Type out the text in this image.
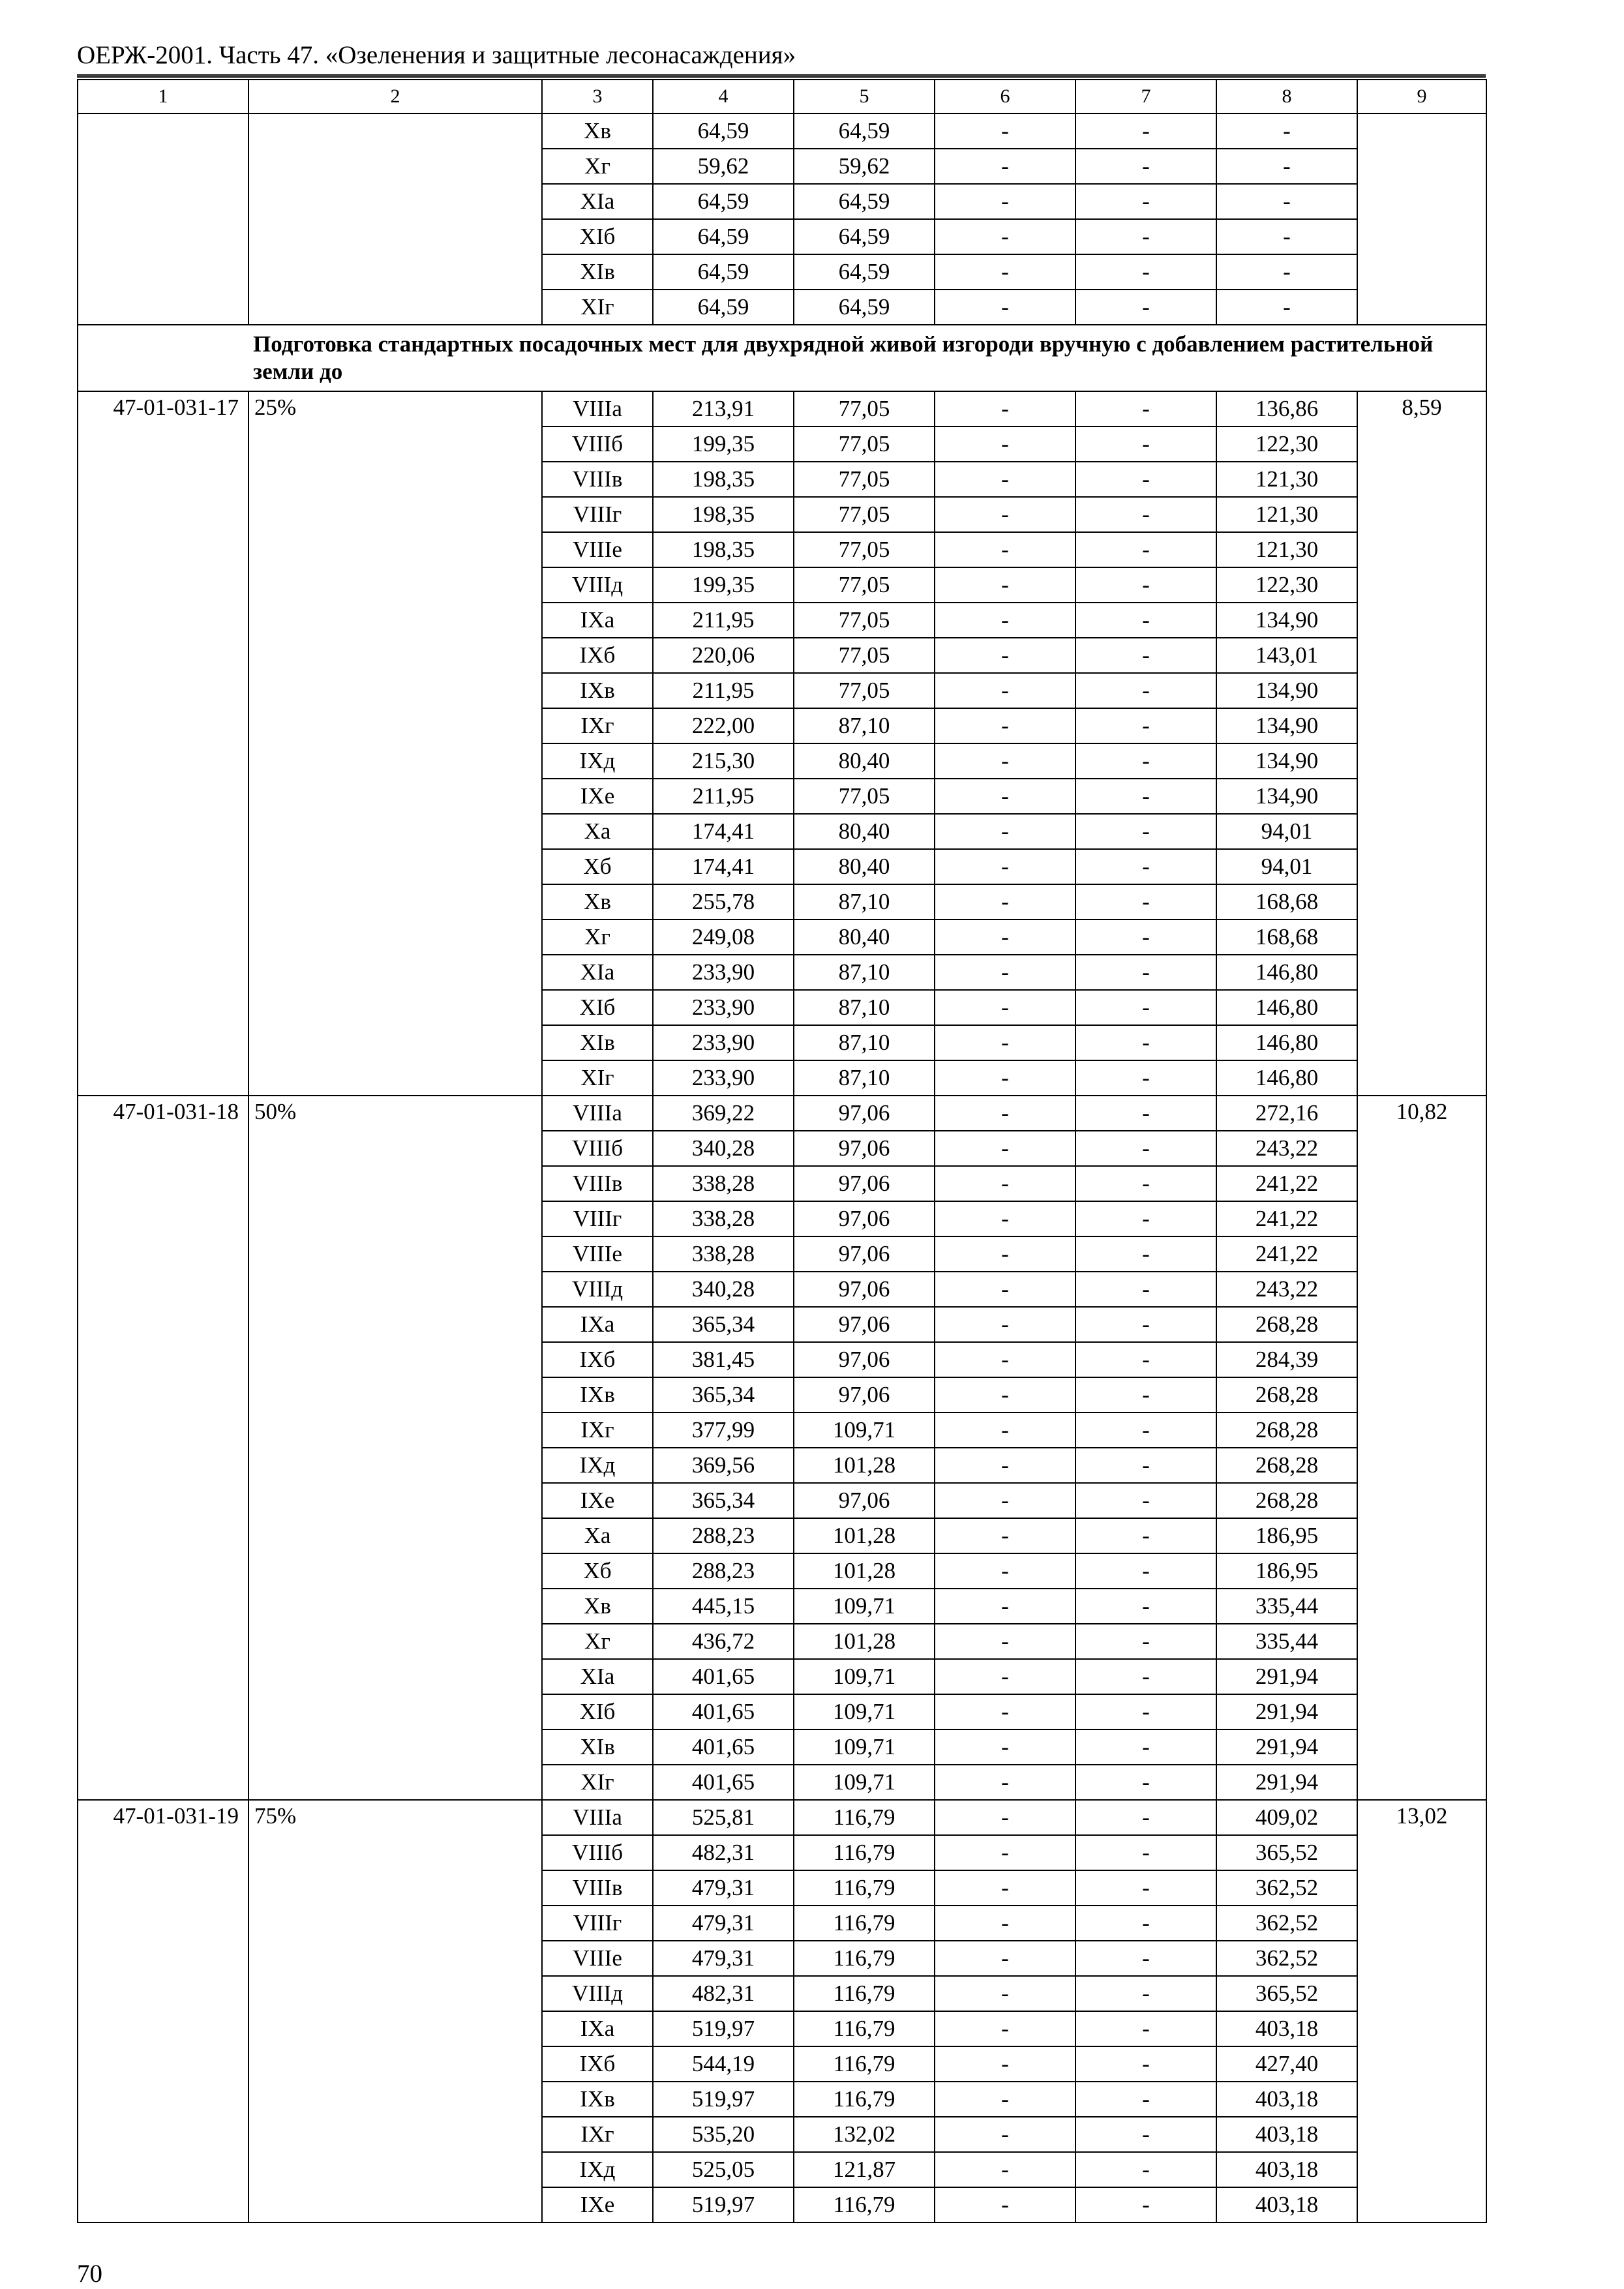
ОЕРЖ-2001. Часть 47. «Озеленения и защитные лесонасаждения»
1	2	3	4	5	6	7	8	9
		Хв	64,59	64,59	-	-	-	
		Хг	59,62	59,62	-	-	-	
		ХIа	64,59	64,59	-	-	-	
		ХIб	64,59	64,59	-	-	-	
		ХIв	64,59	64,59	-	-	-	
		ХIг	64,59	64,59	-	-	-	
Подготовка стандартных посадочных мест для двухрядной живой изгороди вручную с добавлением растительной земли до								
47-01-031-17	25%	VIIIа	213,91	77,05	-	-	136,86	8,59
		VIIIб	199,35	77,05	-	-	122,30	
		VIIIв	198,35	77,05	-	-	121,30	
		VIIIг	198,35	77,05	-	-	121,30	
		VIIIе	198,35	77,05	-	-	121,30	
		VIIIд	199,35	77,05	-	-	122,30	
		IХа	211,95	77,05	-	-	134,90	
		IХб	220,06	77,05	-	-	143,01	
		IХв	211,95	77,05	-	-	134,90	
		IХг	222,00	87,10	-	-	134,90	
		IХд	215,30	80,40	-	-	134,90	
		IХе	211,95	77,05	-	-	134,90	
		Ха	174,41	80,40	-	-	94,01	
		Хб	174,41	80,40	-	-	94,01	
		Хв	255,78	87,10	-	-	168,68	
		Хг	249,08	80,40	-	-	168,68	
		ХIа	233,90	87,10	-	-	146,80	
		ХIб	233,90	87,10	-	-	146,80	
		ХIв	233,90	87,10	-	-	146,80	
		ХIг	233,90	87,10	-	-	146,80	
47-01-031-18	50%	VIIIа	369,22	97,06	-	-	272,16	10,82
		VIIIб	340,28	97,06	-	-	243,22	
		VIIIв	338,28	97,06	-	-	241,22	
		VIIIг	338,28	97,06	-	-	241,22	
		VIIIе	338,28	97,06	-	-	241,22	
		VIIIд	340,28	97,06	-	-	243,22	
		IХа	365,34	97,06	-	-	268,28	
		IХб	381,45	97,06	-	-	284,39	
		IХв	365,34	97,06	-	-	268,28	
		IХг	377,99	109,71	-	-	268,28	
		IХд	369,56	101,28	-	-	268,28	
		IХе	365,34	97,06	-	-	268,28	
		Ха	288,23	101,28	-	-	186,95	
		Хб	288,23	101,28	-	-	186,95	
		Хв	445,15	109,71	-	-	335,44	
		Хг	436,72	101,28	-	-	335,44	
		ХIа	401,65	109,71	-	-	291,94	
		ХIб	401,65	109,71	-	-	291,94	
		ХIв	401,65	109,71	-	-	291,94	
		ХIг	401,65	109,71	-	-	291,94	
47-01-031-19	75%	VIIIа	525,81	116,79	-	-	409,02	13,02
		VIIIб	482,31	116,79	-	-	365,52	
		VIIIв	479,31	116,79	-	-	362,52	
		VIIIг	479,31	116,79	-	-	362,52	
		VIIIе	479,31	116,79	-	-	362,52	
		VIIIд	482,31	116,79	-	-	365,52	
		IХа	519,97	116,79	-	-	403,18	
		IХб	544,19	116,79	-	-	427,40	
		IХв	519,97	116,79	-	-	403,18	
		IХг	535,20	132,02	-	-	403,18	
		IХд	525,05	121,87	-	-	403,18	
		IХе	519,97	116,79	-	-	403,18	
70
